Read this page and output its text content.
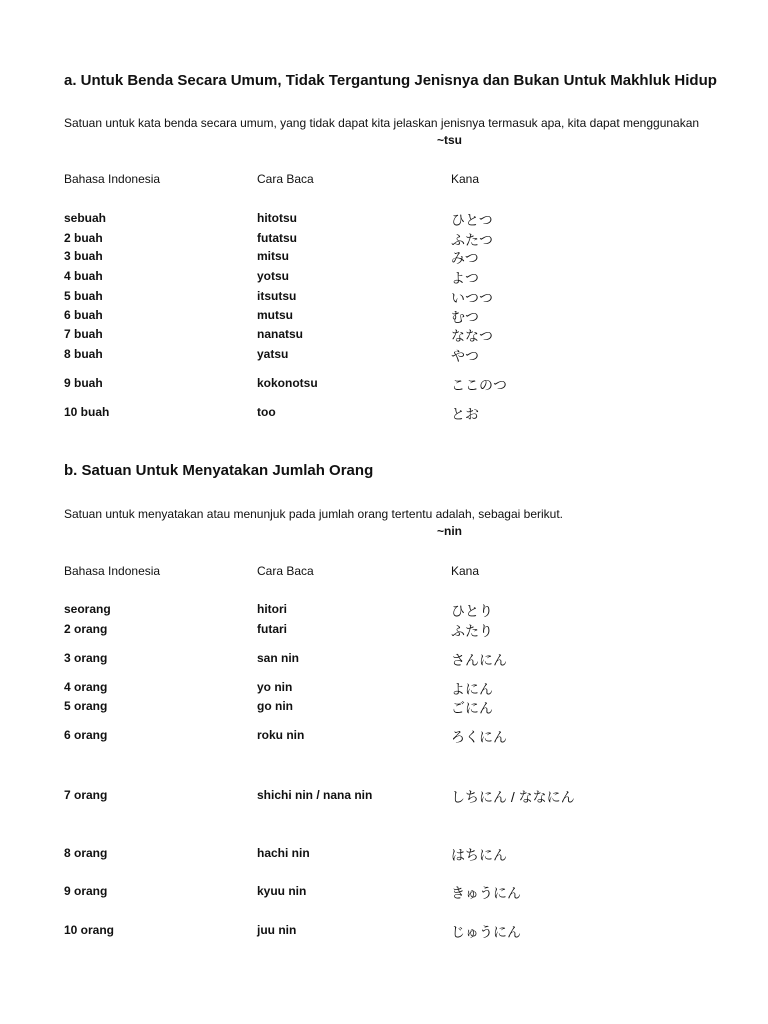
a. Untuk Benda Secara Umum, Tidak Tergantung Jenisnya dan Bukan Untuk Makhluk Hidup
Satuan untuk kata benda secara umum, yang tidak dapat kita jelaskan jenisnya termasuk apa, kita dapat menggunakan
~tsu
Bahasa Indonesia	Cara Baca	Kana
sebuah	hitotsu	ひとつ
2 buah	futatsu	ふたつ
3 buah	mitsu	みつ
4 buah	yotsu	よつ
5 buah	itsutsu	いつつ
6 buah	mutsu	むつ
7 buah	nanatsu	ななつ
8 buah	yatsu	やつ
9 buah	kokonotsu	ここのつ
10 buah	too	とお
b. Satuan Untuk Menyatakan Jumlah Orang
Satuan untuk menyatakan atau menunjuk pada jumlah orang tertentu adalah, sebagai berikut.
~nin
Bahasa Indonesia	Cara Baca	Kana
seorang	hitori	ひとり
2 orang	futari	ふたり
3 orang	san nin	さんにん
4 orang	yo nin	よにん
5 orang	go nin	ごにん
6 orang	roku nin	ろくにん
7 orang	shichi nin / nana nin	しちにん / ななにん
8 orang	hachi nin	はちにん
9 orang	kyuu nin	きゅうにん
10 orang	juu nin	じゅうにん
